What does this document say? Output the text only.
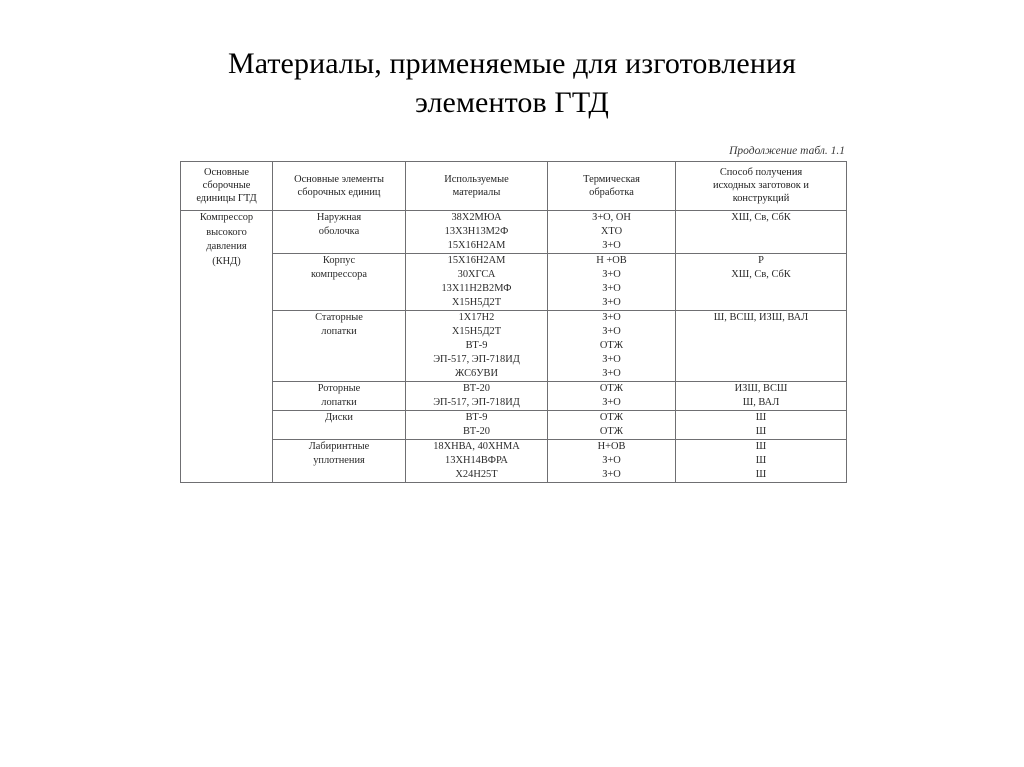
Материалы, применяемые для изготовления
элементов ГТД
Продолжение табл. 1.1
Основные
сборочные
единицы ГТД	Основные элементы
сборочных единиц	Используемые
материалы	Термическая
обработка	Способ получения
исходных заготовок и
конструкций

Компрессор
высокого
давления
(КНД)	Наружная
оболочка	38Х2МЮА
13Х3Н13М2Ф
15Х16Н2АМ	З+О, ОН
ХТО
З+О	ХШ, Св, СбК

	Корпус
компрессора	15Х16Н2АМ
30ХГСА
13Х11Н2В2МФ
Х15Н5Д2Т	Н +ОВ
З+О
З+О
З+О	Р
ХШ, Св, СбК

	Статорные
лопатки	1Х17Н2
Х15Н5Д2Т
ВТ-9
ЭП-517, ЭП-718ИД
ЖС6УВИ	З+О
З+О
ОТЖ
З+О
З+О	Ш, ВСШ, ИЗШ, ВАЛ

	Роторные
лопатки	ВТ-20
ЭП-517, ЭП-718ИД	ОТЖ
З+О	ИЗШ, ВСШ
Ш, ВАЛ

	Диски	ВТ-9
ВТ-20	ОТЖ
ОТЖ	Ш
Ш

	Лабиринтные
уплотнения	18ХНВА, 40ХНМА
13ХН14ВФРА
Х24Н25Т	Н+ОВ
З+О
З+О	Ш
Ш
Ш
